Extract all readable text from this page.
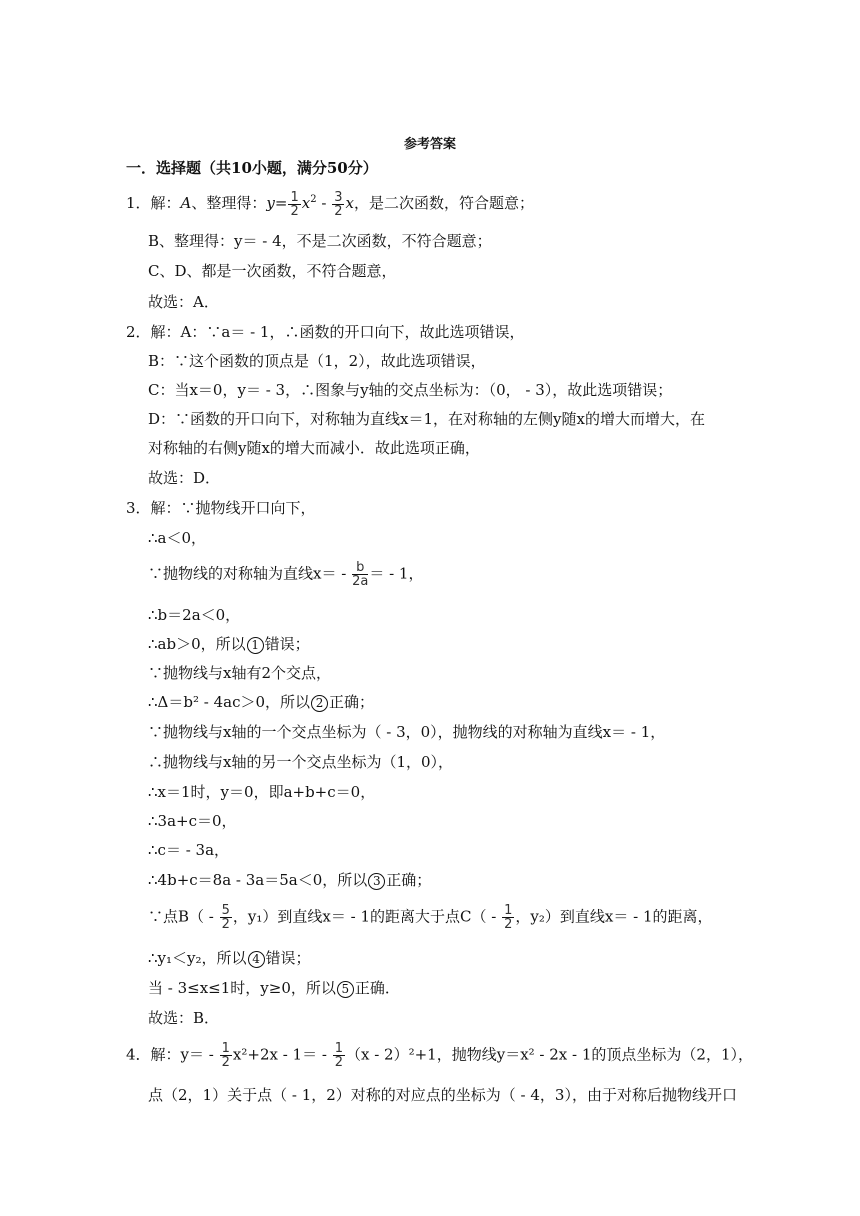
参考答案
一．选择题（共10小题，满分50分）
1．解：A、整理得：$y= \frac{1}{2} x^2 - \frac{3}{2}$ x，是二次函数，符合题意；
B、整理得：y＝ - 4，不是二次函数，不符合题意；
C、D、都是一次函数，不符合题意，
故选：A．
2．解：A：∵a＝ - 1，∴函数的开口向下，故此选项错误，
B：∵这个函数的顶点是（1，2），故此选项错误，
C：当x＝0，y＝ - 3，∴图象与y轴的交点坐标为：（0， - 3），故此选项错误；
D：∵函数的开口向下，对称轴为直线x＝1，在对称轴的左侧y随x的增大而增大，在
对称轴的右侧y随x的增大而减小．故此选项正确，
故选：D．
3．解：∵抛物线开口向下，
∴a＜0，
∵抛物线的对称轴为直线$x= - \frac{b}{2a}$ ＝ - 1，
∴b＝2a＜0，
∴ab＞0，所以 1 错误；
∵抛物线与x轴有2个交点，
∴Δ＝b² - 4ac＞0，所以 2 正确；
∵抛物线与x轴的一个交点坐标为（ - 3，0），抛物线的对称轴为直线x＝ - 1，
∴抛物线与x轴的另一个交点坐标为（1，0），
∴x＝1时，y＝0，即a+b+c＝0，
∴3a+c＝0，
∴c＝ - 3a，
∴4b+c＝8a - 3a＝5a＜0，所以 3 正确；
∵点$B( - \frac{5}{2}$ ，y₁）到直线x＝ - 1的距离大于点$C( - \frac{1}{2}$ ，y₂）到直线x＝ - 1的距离，
∴y₁＜y₂，所以 4 错误；
当 - 3≤x≤1时，y≥0，所以 5 正确．
故选：B．
4．解：$y= - \frac{1}{2} x^2+2x - 1= - \frac{1}{2} (x - 2)^2+1$，抛物线y＝x² - 2x - 1的顶点坐标为（2，1），
点（2，1）关于点（ - 1，2）对称的对应点的坐标为（ - 4，3），由于对称后抛物线开口
